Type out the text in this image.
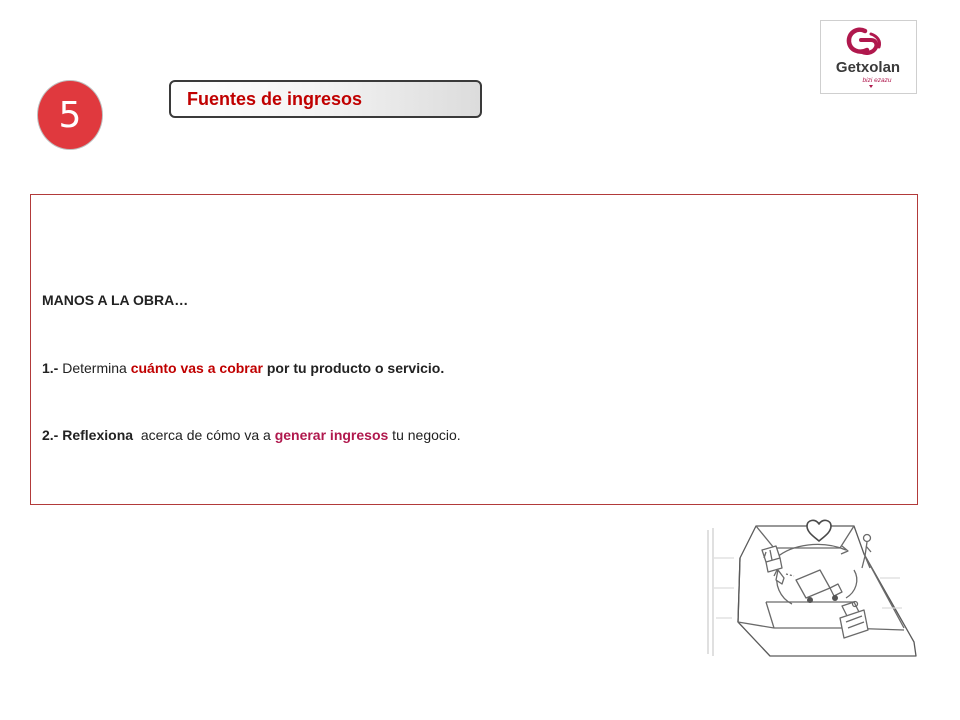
5	Fuentes de ingresos
Getxolan
bizi ezazu
MANOS A LA OBRA…
1.- Determina cuánto vas a cobrar por tu producto o servicio.
2.- Reflexiona  acerca de cómo va a generar ingresos tu negocio.
